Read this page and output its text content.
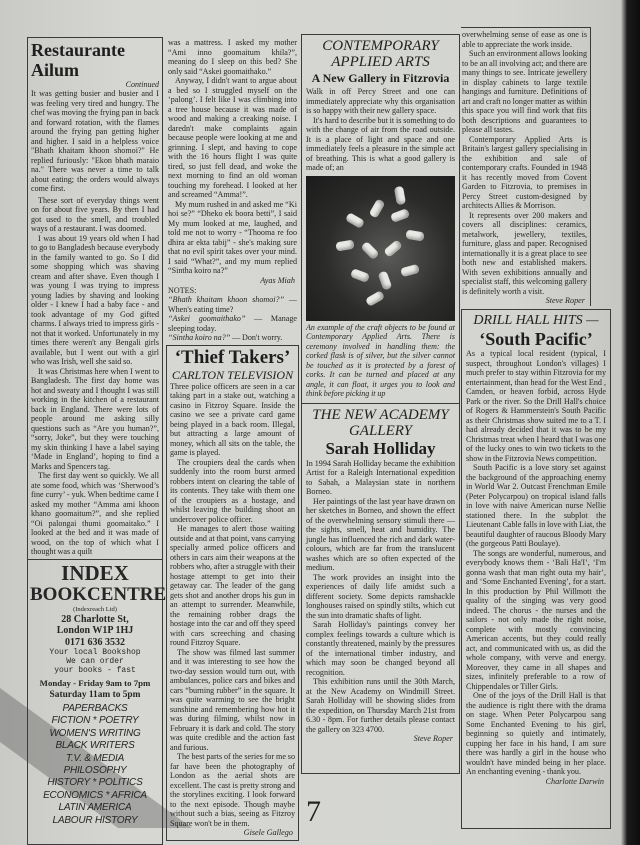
Restaurante Ailum
Continued

It was getting busier and busier and I was feeling very tired and hungry. The chef was moving the frying pan in back and forward rotation, with the flames around the frying pan getting higher and higher. I said in a helpless voice "Bhath khaitam khoon shomoi?" He replied furiously: "Ekon bhath maraio na." There was never a time to talk about eating; the orders would always come first.

These sort of everyday things went on for about five years. By then I had got used to the smell, and troubled ways of a restaurant. I was doomed.

I was about 19 years old when I had to go to Bangladesh because everybody in the family wanted to go. So I did some shopping which was shaving cream and after shave. Even though I was young I was trying to impress young ladies by shaving and looking older - I knew I had a baby face - and took advantage of my God gifted charms. I always tried to impress girls - not that it worked. Unfortunately in my times there weren't any Bengali girls available, but I went out with a girl who was Irish, well she said so.

It was Christmas here when I went to Bangladesh. The first day home was hot and sweaty and I thought I was still working in the kitchen of a restaurant back in England. There were lots of people around me asking silly questions such as “Are you human?”, “sorry, Joke”, but they were touching my skin thinking I have a label saying ‘Made in England’, hoping to find a Marks and Spencers tag.

The first day went so quickly. We all ate some food, which was ‘Sherwood’s fine curry’ - yuk. When bedtime came I asked my mother “Amma ami khoon khano goomaitum?”, and she replied “Oi palongai thumi goomaitako.” I looked at the bed and it was made of wood, on the top of which what I thought was a quilt

INDEX
BOOKCENTRE
(Indexreach Ltd)
28 Charlotte St,
London W1P 1HJ
0171 636 3532
Your local Bookshop
We can order
your books - fast
Monday - Friday 9am to 7pm
Saturday 11am to 5pm
PAPERBACKS
FICTION * POETRY
WOMEN'S WRITING
BLACK WRITERS
T.V. & MEDIA
PHILOSOPHY
HISTORY * POLITICS
ECONOMICS * AFRICA
LATIN AMERICA
LABOUR HISTORY

was a mattress. I asked my mother “Ami inno goomaitum khila?”, meaning do I sleep on this bed? She only said “Askei goomaithako.”

Anyway, I didn't want to argue about a bed so I struggled myself on the ‘palong’. I felt like I was climbing into a tree house because it was made of wood and making a creaking noise. I daredn't make complaints again because people were looking at me and grinning. I slept, and having to cope with the 16 hours flight I was quite tired, so just fell dead, and woke the next morning to find an old woman touching my forehead. I looked at her and screamed “Amma!”.

My mum rushed in and asked me “Ki hoi se?” “Dheko ek boora betti”, I said My mum looked at me, laughed, and told me not to worry - “Thooma re foo dhira ar ekta tabij” - she's making sure that no evil spirit takes over your mind. I said “What?”, and my mum replied “Sintha koiro na?”

Ayas Miah

NOTES:

“Bhath khaitam khoon shomoi?” — When's eating time?

“Askei goomaithako” — Manage sleeping today.

“Sintha koiro na?” — Don't worry.

‘Thief Takers’
CARLTON TELEVISION

Three police officers are seen in a car taking part in a stake out, watching a casino in Fitzroy Square. Inside the casino we see a private card game being played in a back room. Illegal, but attracting a large amount of money, which all sits on the table, the game is played.

The croupiers deal the cards when suddenly into the room burst armed robbers intent on clearing the table of its contents. They take with them one of the croupiers as a hostage, and whilst leaving the building shoot an undercover police officer.

He manages to alert those waiting outside and at that point, vans carrying specially armed police officers and others in cars aim their weapons at the robbers who, after a struggle with their hostage attempt to get into their getaway car. The leader of the gang gets shot and another drops his gun in an attempt to surrender. Meanwhile, the remaining robber drags the hostage into the car and off they speed with cars screeching and chasing round Fitzroy Square.

The show was filmed last summer and it was interesting to see how the two-day session would turn out, with ambulances, police cars and bikes and cars “burning rubber” in the square. It was quite warming to see the bright sunshine and remembering how hot it was during filming, whilst now in February it is dark and cold. The story was quite credible and the action fast and furious.

The best parts of the series for me so far have been the photography of London as the aerial shots are excellent. The cast is pretty strong and the storylines exciting. I look forward to the next episode. Though maybe without such a bias, seeing as Fitzroy Square won't be in them.

Gisele Gallego
CONTEMPORARY
APPLIED ARTS
A New Gallery in Fitzrovia

Walk in off Percy Street and one can immediately appreciate why this organisation is so happy with their new gallery space.

It's hard to describe but it is something to do with the change of air from the road outside. It is a place of light and space and one immediately feels a pleasure in the simple act of breathing. This is what a good gallery is made of; an

An example of the craft objects to be found at Contemporary Applied Arts. There is ceremony involved in handling them: the corked flask is of silver, but the silver cannot be touched as it is protected by a forest of corks. It can be turned and placed at any angle, it can float, it urges you to look and think before picking it up

THE NEW ACADEMY
GALLERY
Sarah Holliday

In 1994 Sarah Holliday became the exhibition Artist for a Raleigh International expedition to Sabah, a Malaysian state in northern Borneo.

Her paintings of the last year have drawn on her sketches in Borneo, and shown the effect of the overwhelming sensory stimuli there — the sights, smell, heat and humidity. The jungle has influenced the rich and dark water-colours, which are far from the translucent washes which are so often expected of the medium.

The work provides an insight into the experiences of daily life amidst such a different society. Some depicts ramshackle longhouses raised on spindly stilts, which cut the sun into dramatic shafts of light.

Sarah Holliday's paintings convey her complex feelings towards a culture which is constantly threatened, mainly by the pressures of the international timber industry, and which may soon be changed beyond all recognition.

This exhibition runs until the 30th March, at the New Academy on Windmill Street. Sarah Holliday will be showing slides from the expedition, on Thursday March 21st from 6.30 - 8pm. For further details please contact the gallery on 323 4700.

Steve Roper

overwhelming sense of ease as one is able to appreciate the work inside.

Such an environment allows looking to be an all involving act; and there are many things to see. Intricate jewellery in display cabinets to large textile hangings and furniture. Definitions of art and craft no longer matter as within this space you will find work that fits both descriptions and guarantees to please all tastes.

Contemporary Applied Arts is Britain's largest gallery specialising in the exhibition and sale of contemporary crafts. Founded in 1948 it has recently moved from Covent Garden to Fitzrovia, to premises in Percy Street custom-designed by architects Allies & Morrison.

It represents over 200 makers and covers all disciplines: ceramics, metalwork, jewellery, textiles, furniture, glass and paper. Recognised internationally it is a great place to see both new and established makers. With seven exhibitions annually and specialist staff, this welcoming gallery is definitely worth a visit.

Steve Roper
DRILL HALL HITS —
‘South Pacific’

As a typical local resident (typical, I suspect, throughout London's villages) I much prefer to stay within Fitzrovia for my entertainment, than head for the West End , Camden, or heaven forbid, across Hyde Park or the river. So the Drill Hall's choice of Rogers & Hammerstein's South Pacific as their Christmas show suited me to a T. I had already decided that it was to be my Christmas treat when I heard that I was one of the lucky ones to win two tickets to the show in the Fitzrovia News competition.

South Pacific is a love story set against the background of the approaching enemy in World War 2. Outcast Frenchman Emile (Peter Polycarpou) on tropical island falls in love with naive American nurse Nellie stationed there. In the subplot the Lieutenant Cable falls in love with Liat, the beautiful daughter of raucous Bloody Mary (the gorgeous Patti Boulaye).

The songs are wonderful, numerous, and everybody knows them - ‘Bali Ha'I’, ‘I'm gonna wash that man right outa my hair’, and ‘Some Enchanted Evening’, for a start. In this production by Phil Willmott the quality of the singing was very good indeed. The chorus - the nurses and the sailors - not only made the right noise, complete with mostly convincing American accents, but they could really act, and communicated with us, as did the whole company, with verve and energy. Moreover, they came in all shapes and sizes, infinitely preferable to a row of Chippendales or Tiller Girls.

One of the joys of the Drill Hall is that the audience is right there with the drama on stage. When Peter Polycarpou sang Some Enchanted Evening to his girl, beginning so quietly and intimately, cupping her face in his hand, I am sure there was hardly a girl in the house who wouldn't have minded being in her place. An enchanting evening - thank you.

Charlotte Darwin
7
